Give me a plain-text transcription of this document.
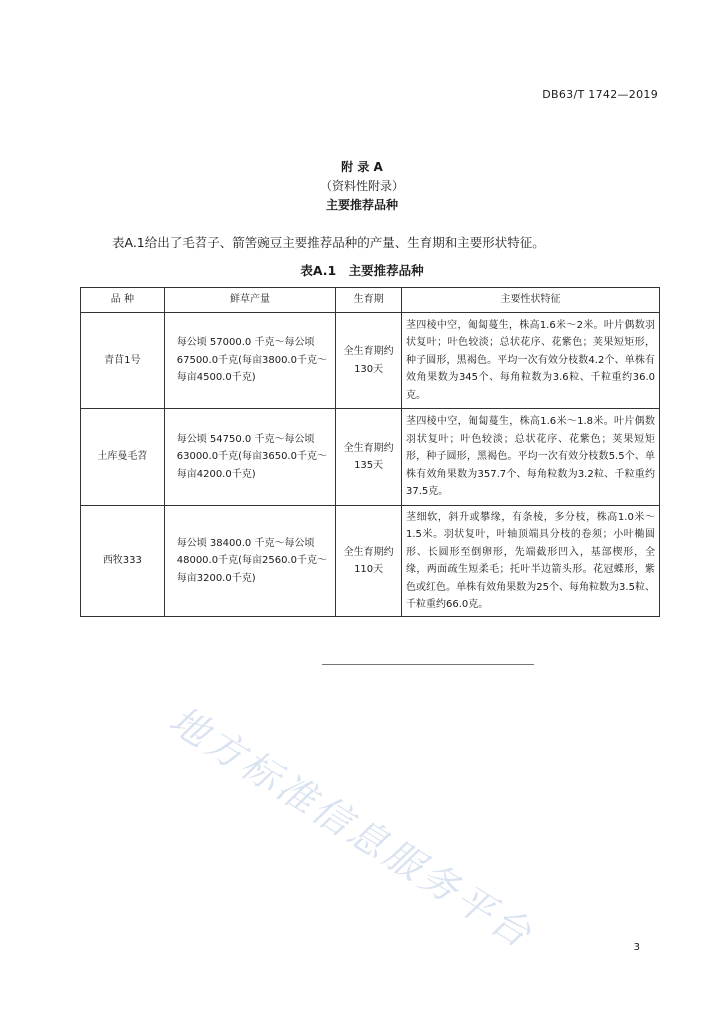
DB63/T 1742—2019
附 录 A
（资料性附录）
主要推荐品种
表A.1给出了毛苕子、箭筈豌豆主要推荐品种的产量、生育期和主要形状特征。
表A.1　主要推荐品种
品 种	鲜草产量	生育期	主要性状特征
青苜1号	每公顷 57000.0 千克～每公顷67500.0千克(每亩3800.0千克～每亩4500.0千克)	全生育期约130天	茎四棱中空，匍匐蔓生，株高1.6米～2米。叶片偶数羽状复叶；叶色较淡；总状花序、花紫色；荚果短矩形，种子圆形，黑褐色。平均一次有效分枝数4.2个、单株有效角果数为345个、每角粒数为3.6粒、千粒重约36.0克。
土库曼毛苕	每公顷 54750.0 千克～每公顷63000.0千克(每亩3650.0千克～每亩4200.0千克)	全生育期约135天	茎四棱中空，匍匐蔓生，株高1.6米～1.8米。叶片偶数羽状复叶；叶色较淡；总状花序、花紫色；荚果短矩形，种子圆形，黑褐色。平均一次有效分枝数5.5个、单株有效角果数为357.7个、每角粒数为3.2粒、千粒重约37.5克。
西牧333	每公顷 38400.0 千克～每公顷48000.0千克(每亩2560.0千克～每亩3200.0千克)	全生育期约110天	茎细软，斜升或攀缘，有条棱，多分枝，株高1.0米～1.5米。羽状复叶，叶轴顶端具分枝的卷须；小叶椭圆形、长圆形至倒卵形，先端截形凹入，基部楔形，全缘，两面疏生短柔毛；托叶半边箭头形。花冠蝶形，紫色或红色。单株有效角果数为25个、每角粒数为3.5粒、千粒重约66.0克。
地方标准信息服务平台	3
